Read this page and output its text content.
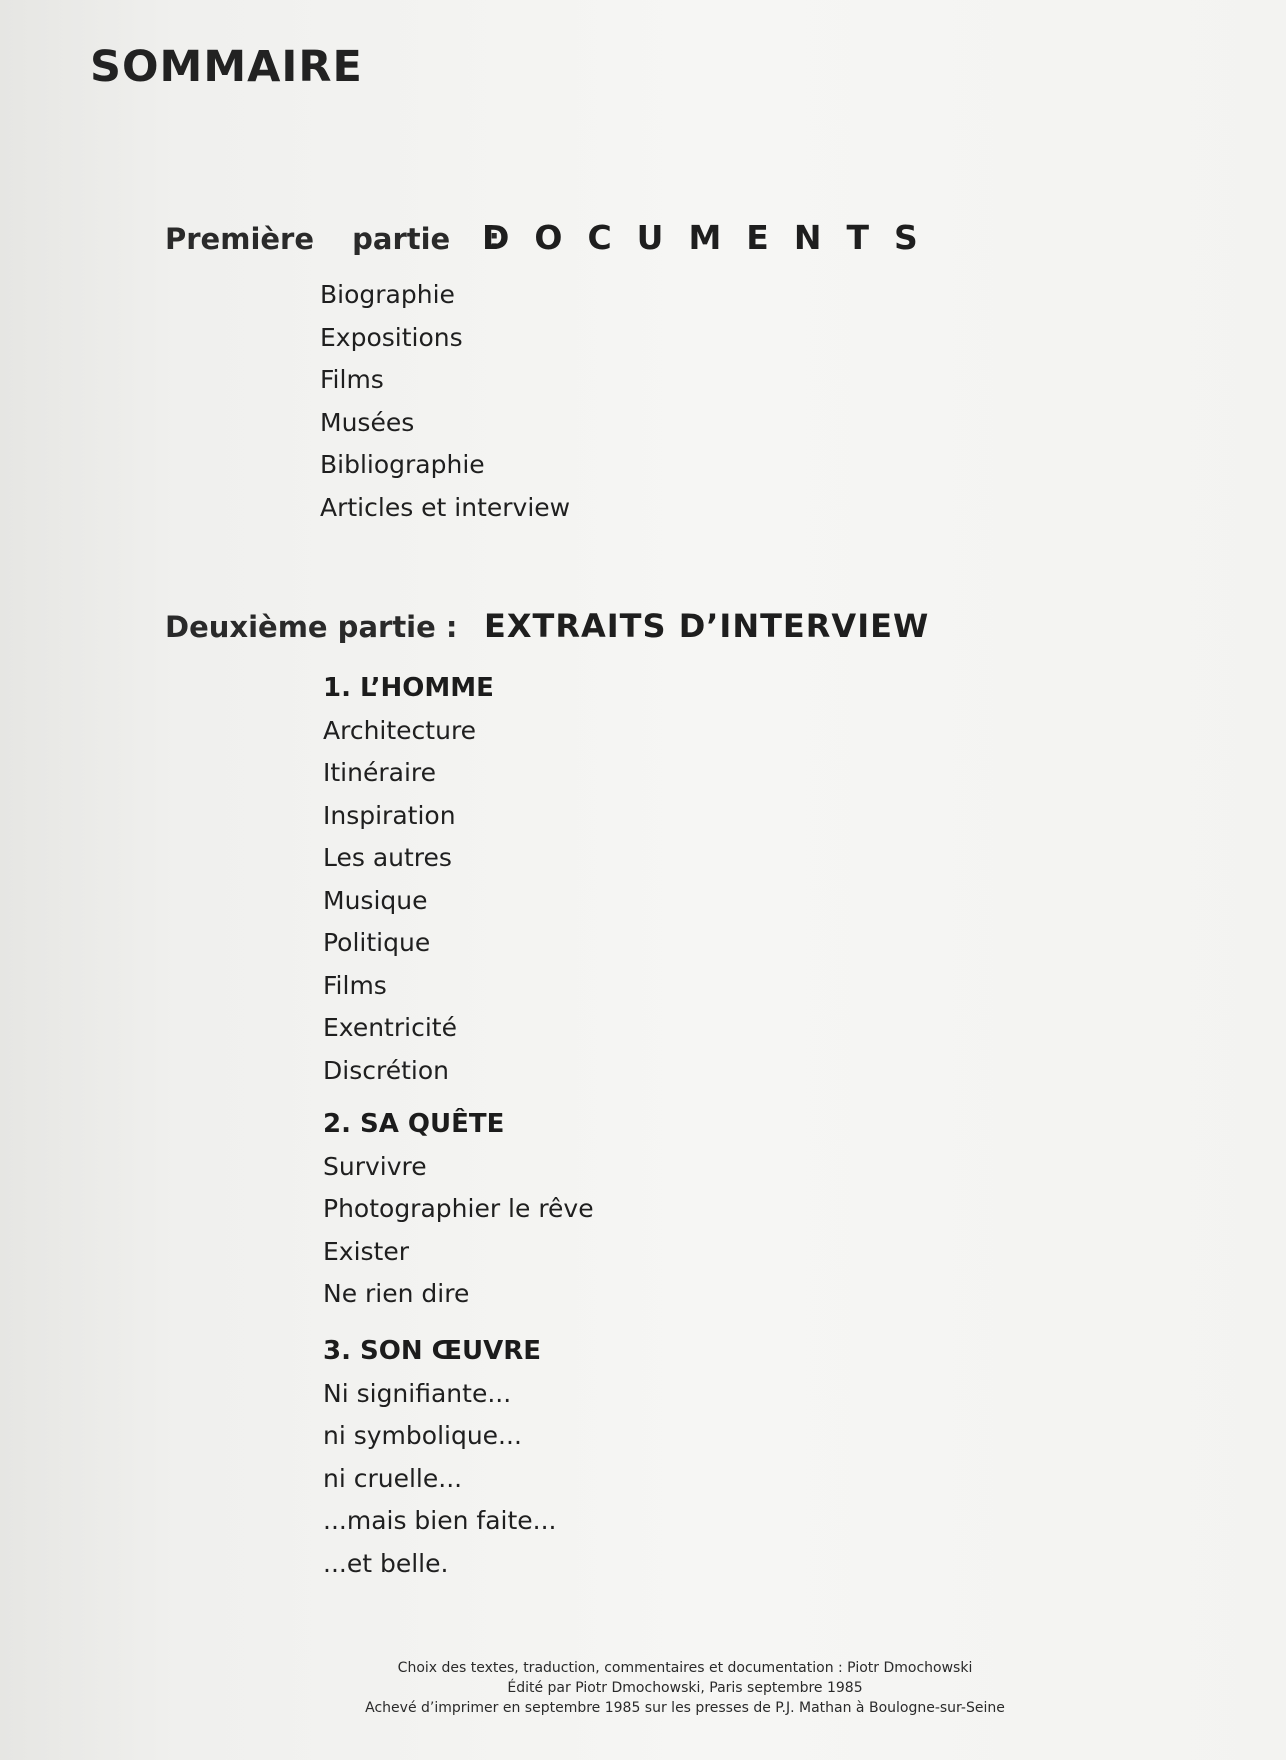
SOMMAIRE
Première partie :
DOCUMENTS
Biographie
Expositions
Films
Musées
Bibliographie
Articles et interview
Deuxième partie : EXTRAITS D’INTERVIEW
1. L’HOMME
Architecture
Itinéraire
Inspiration
Les autres
Musique
Politique
Films
Exentricité
Discrétion
2. SA QUÊTE
Survivre
Photographier le rêve
Exister
Ne rien dire
3. SON ŒUVRE
Ni signifiante...
ni symbolique...
ni cruelle...
...mais bien faite...
...et belle.
Choix des textes, traduction, commentaires et documentation : Piotr Dmochowski
Édité par Piotr Dmochowski, Paris septembre 1985
Achevé d’imprimer en septembre 1985 sur les presses de P.J. Mathan à Boulogne-sur-Seine
